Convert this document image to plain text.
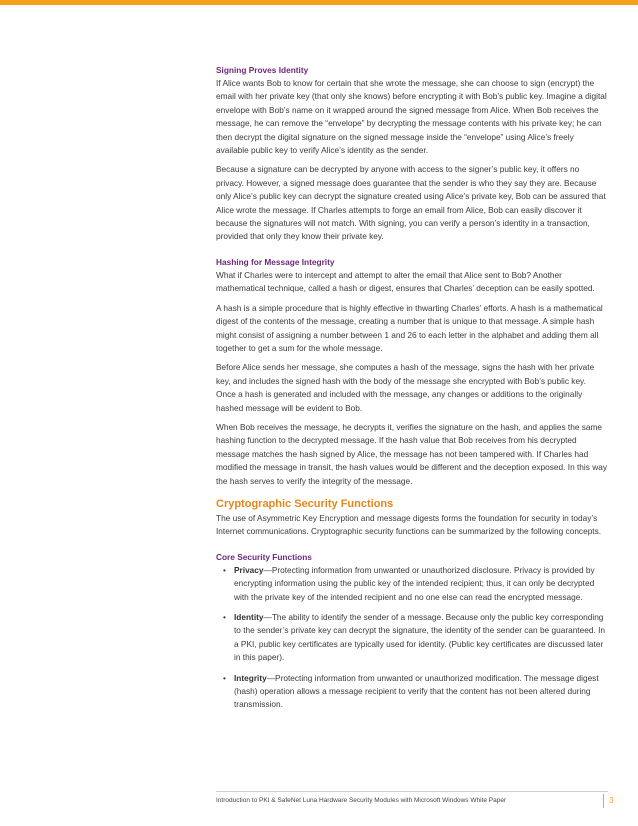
Signing Proves Identity

If Alice wants Bob to know for certain that she wrote the message, she can choose to sign (encrypt) the email with her private key (that only she knows) before encrypting it with Bob’s public key. Imagine a digital envelope with Bob’s name on it wrapped around the signed message from Alice. When Bob receives the message, he can remove the “envelope” by decrypting the message contents with his private key; he can then decrypt the digital signature on the signed message inside the “envelope” using Alice’s freely available public key to verify Alice’s identity as the sender.

Because a signature can be decrypted by anyone with access to the signer’s public key, it offers no privacy. However, a signed message does guarantee that the sender is who they say they are. Because only Alice’s public key can decrypt the signature created using Alice’s private key, Bob can be assured that Alice wrote the message. If Charles attempts to forge an email from Alice, Bob can easily discover it because the signatures will not match. With signing, you can verify a person’s identity in a transaction, provided that only they know their private key.

Hashing for Message Integrity

What if Charles were to intercept and attempt to alter the email that Alice sent to Bob? Another mathematical technique, called a hash or digest, ensures that Charles’ deception can be easily spotted.

A hash is a simple procedure that is highly effective in thwarting Charles’ efforts. A hash is a mathematical digest of the contents of the message, creating a number that is unique to that message. A simple hash might consist of assigning a number between 1 and 26 to each letter in the alphabet and adding them all together to get a sum for the whole message.

Before Alice sends her message, she computes a hash of the message, signs the hash with her private key, and includes the signed hash with the body of the message she encrypted with Bob’s public key. Once a hash is generated and included with the message, any changes or additions to the originally hashed message will be evident to Bob.

When Bob receives the message, he decrypts it, verifies the signature on the hash, and applies the same hashing function to the decrypted message. If the hash value that Bob receives from his decrypted message matches the hash signed by Alice, the message has not been tampered with. If Charles had modified the message in transit, the hash values would be different and the deception exposed. In this way the hash serves to verify the integrity of the message.

Cryptographic Security Functions

The use of Asymmetric Key Encryption and message digests forms the foundation for security in today’s Internet communications. Cryptographic security functions can be summarized by the following concepts.

Core Security Functions
• Privacy—Protecting information from unwanted or unauthorized disclosure. Privacy is provided by encrypting information using the public key of the intended recipient; thus, it can only be decrypted with the private key of the intended recipient and no one else can read the encrypted message.
• Identity—The ability to identify the sender of a message. Because only the public key corresponding to the sender’s private key can decrypt the signature, the identity of the sender can be guaranteed. In a PKI, public key certificates are typically used for identity. (Public key certificates are discussed later in this paper).
• Integrity—Protecting information from unwanted or unauthorized modification. The message digest (hash) operation allows a message recipient to verify that the content has not been altered during transmission.
Introduction to PKI & SafeNet Luna Hardware Security Modules with Microsoft Windows White Paper	3
